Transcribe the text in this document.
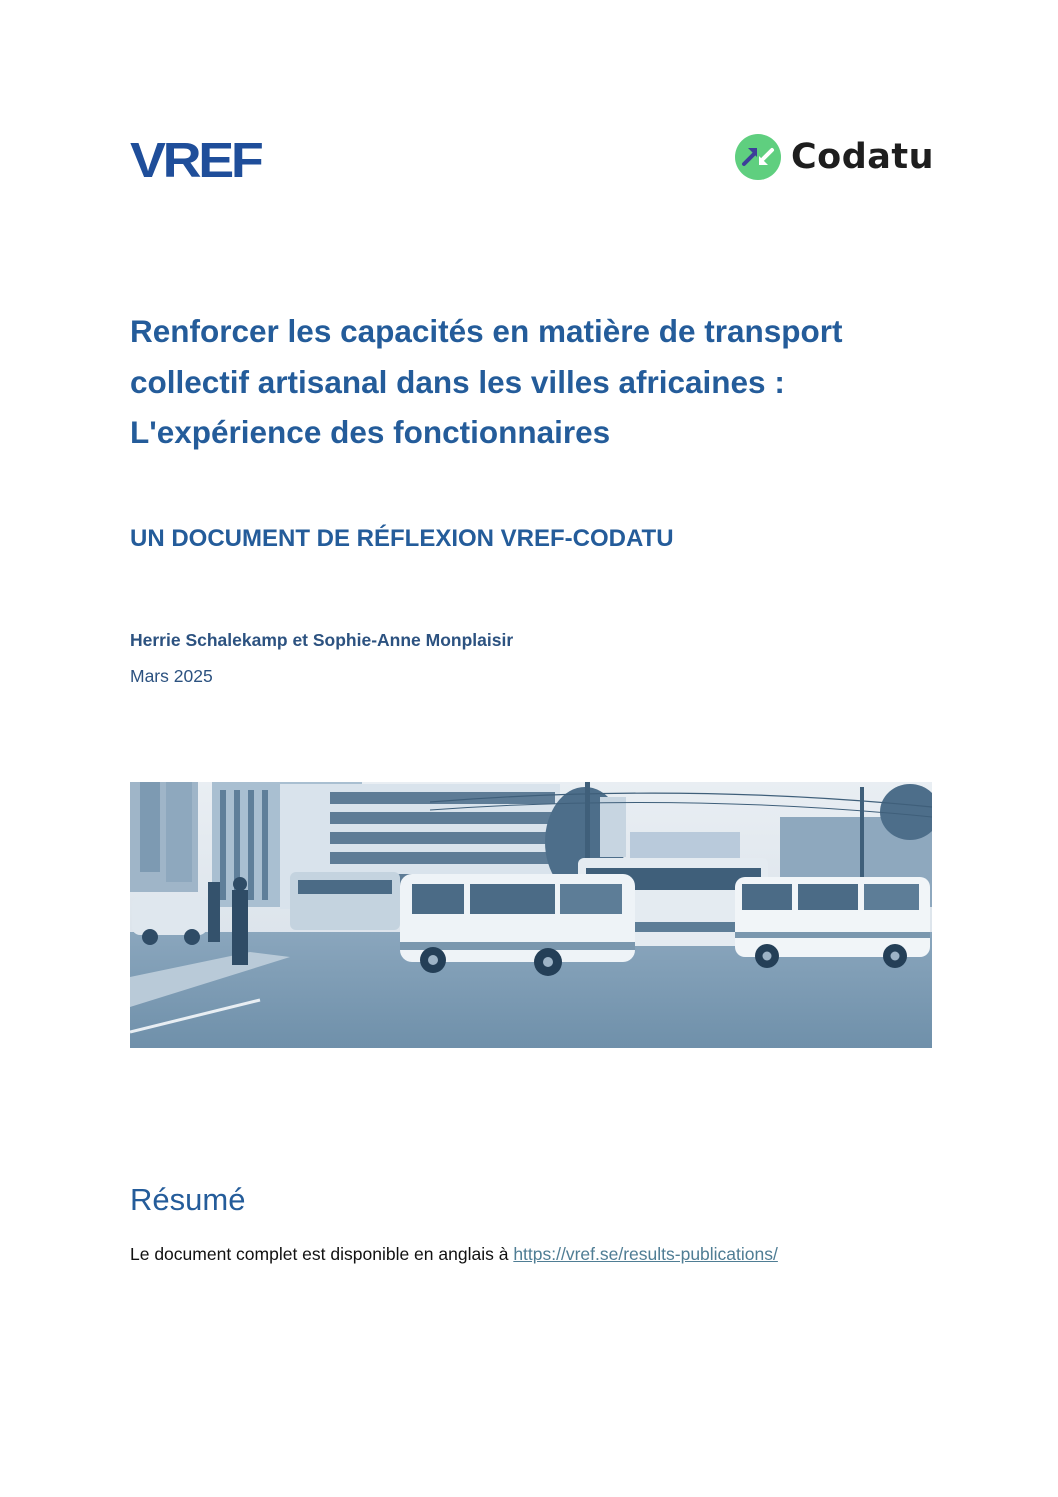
VREF	Codatu
Renforcer les capacités en matière de transport
collectif artisanal dans les villes africaines :
L'expérience des fonctionnaires
UN DOCUMENT DE RÉFLEXION VREF-CODATU
Herrie Schalekamp et Sophie-Anne Monplaisir
Mars 2025
Résumé
Le document complet est disponible en anglais à https://vref.se/results-publications/
